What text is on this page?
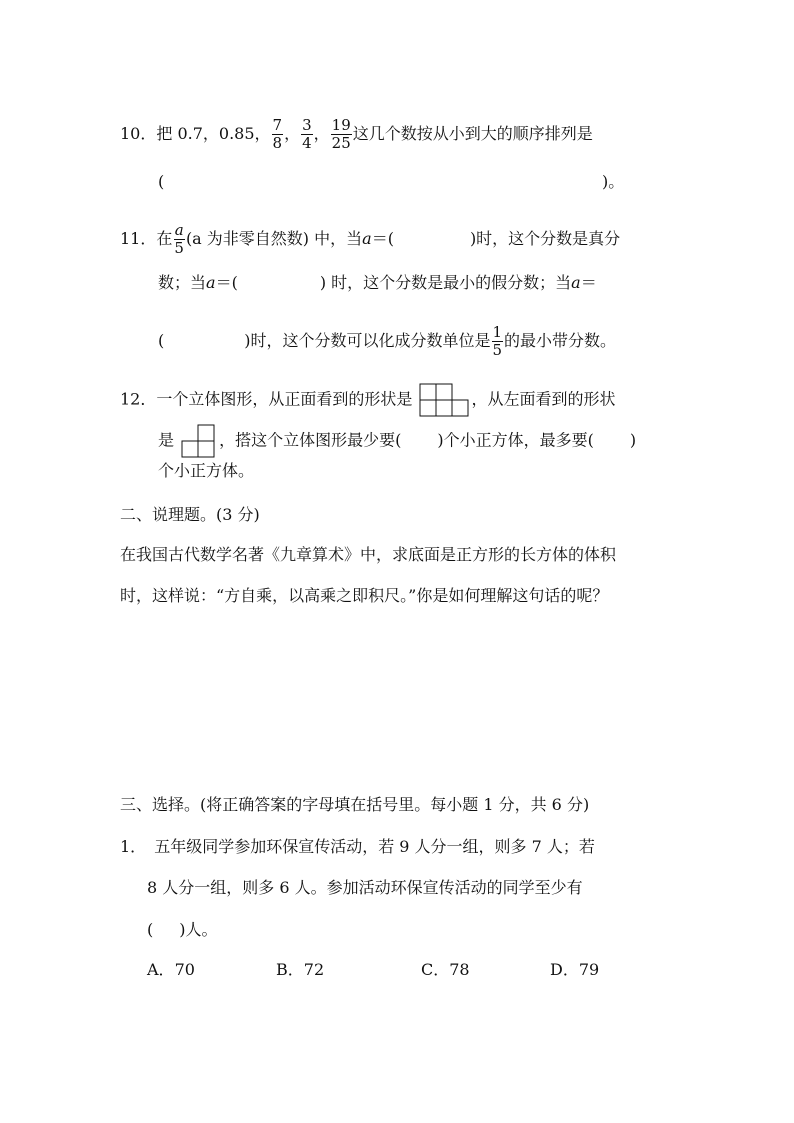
10．把 0.7，0.85， $\frac{7}{8}$ ， $\frac{3}{4}$ ， $\frac{19}{25}$ 这几个数按从小到大的顺序排列是
(	)。
11．在 $\frac{a}{5} (a$ 为非零自然数) 中，当a＝(	)时，这个分数是真分
数；当a＝(	) 时，这个分数是最小的假分数；当a＝
(	)时，这个分数可以化成分数单位是 $\frac{1}{5}$ 的最小带分数。
12．一个立体图形，从正面看到的形状是	，从左面看到的形状
是	，搭这个立体图形最少要( )个小正方体，最多要( )
个小正方体。
二、说理题。(3 分)
在我国古代数学名著《九章算术》中，求底面是正方形的长方体的体积
时，这样说：“方自乘，以高乘之即积尺。”你是如何理解这句话的呢？
三、选择。(将正确答案的字母填在括号里。每小题 1 分，共 6 分)
1． 五年级同学参加环保宣传活动，若 9 人分一组，则多 7 人；若
8 人分一组，则多 6 人。参加活动环保宣传活动的同学至少有
( )人。
A．70	B．72	C．78	D．79
